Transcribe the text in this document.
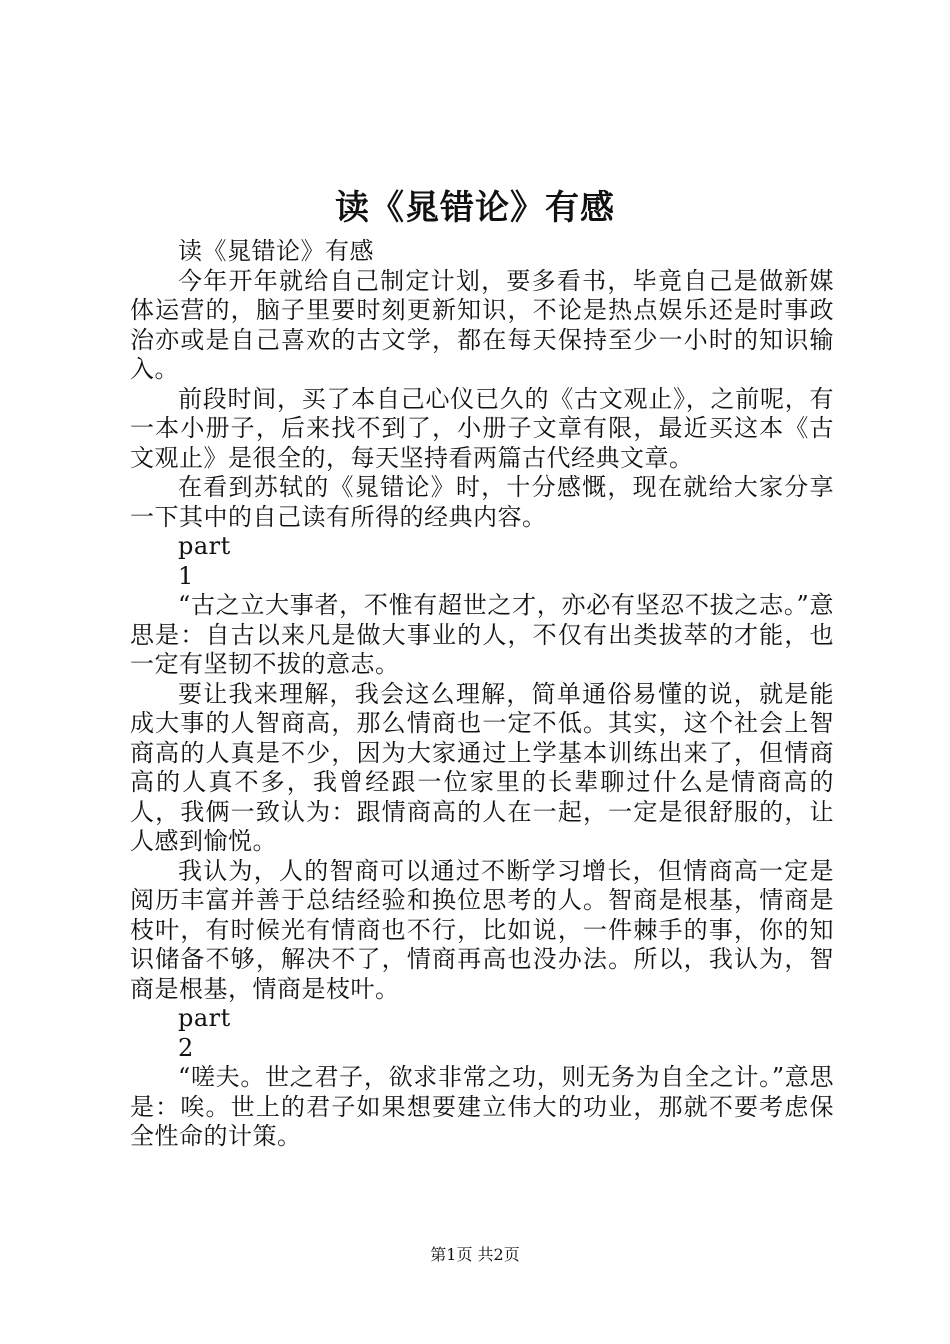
读《晁错论》有感

读《晁错论》有感

今年开年就给自己制定计划，要多看书，毕竟自己是做新媒体运营的，脑子里要时刻更新知识，不论是热点娱乐还是时事政治亦或是自己喜欢的古文学，都在每天保持至少一小时的知识输入。

前段时间，买了本自己心仪已久的《古文观止》，之前呢，有一本小册子，后来找不到了，小册子文章有限，最近买这本《古文观止》是很全的，每天坚持看两篇古代经典文章。

在看到苏轼的《晁错论》时，十分感慨，现在就给大家分享一下其中的自己读有所得的经典内容。

part

1

“古之立大事者，不惟有超世之才，亦必有坚忍不拔之志。”意思是：自古以来凡是做大事业的人，不仅有出类拔萃的才能，也一定有坚韧不拔的意志。

要让我来理解，我会这么理解，简单通俗易懂的说，就是能成大事的人智商高，那么情商也一定不低。其实，这个社会上智商高的人真是不少，因为大家通过上学基本训练出来了，但情商高的人真不多，我曾经跟一位家里的长辈聊过什么是情商高的人，我俩一致认为：跟情商高的人在一起，一定是很舒服的，让人感到愉悦。

我认为，人的智商可以通过不断学习增长，但情商高一定是阅历丰富并善于总结经验和换位思考的人。智商是根基，情商是枝叶，有时候光有情商也不行，比如说，一件棘手的事，你的知识储备不够，解决不了，情商再高也没办法。所以，我认为，智商是根基，情商是枝叶。

part

2

“嗟夫。世之君子，欲求非常之功，则无务为自全之计。”意思是：唉。世上的君子如果想要建立伟大的功业，那就不要考虑保全性命的计策。

第1页 共2页
